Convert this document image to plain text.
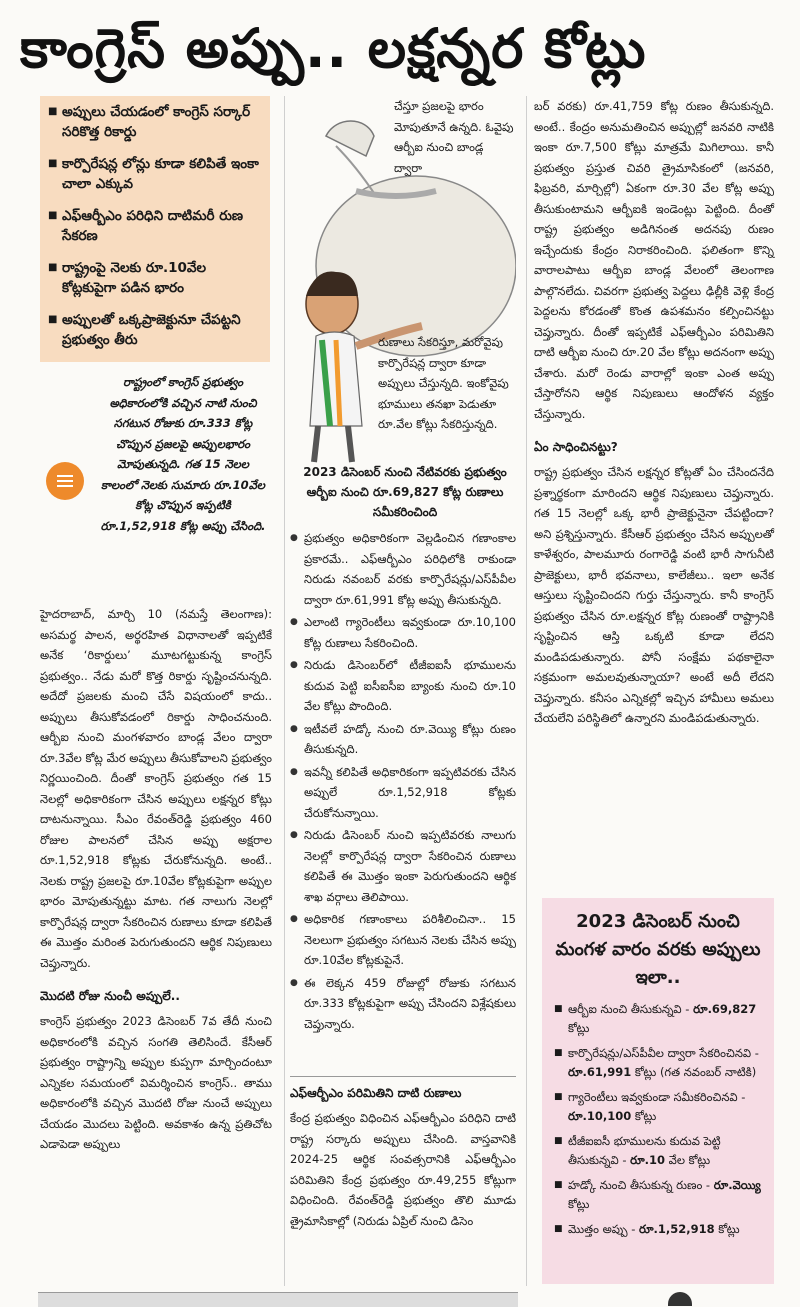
కాంగ్రెస్ అప్పు.. లక్షన్నర కోట్లు
■ అప్పులు చేయడంలో కాంగ్రెస్ సర్కార్ సరికొత్త రికార్డు
■ కార్పొరేషన్ల లోన్లు కూడా కలిపితే ఇంకా చాలా ఎక్కువ
■ ఎఫ్ఆర్బీఎం పరిధిని దాటిమరీ రుణ సేకరణ
■ రాష్ట్రంపై నెలకు రూ.10వేల కోట్లకుపైగా పడిన భారం
■ అప్పులతో ఒక్కప్రాజెక్టునూ చేపట్టని ప్రభుత్వం తీరు
రాష్ట్రంలో కాంగ్రెస్ ప్రభుత్వం అధికారంలోకి వచ్చిన నాటి నుంచి సగటున రోజుకు రూ.333 కోట్ల చొప్పున ప్రజలపై అప్పులభారం మోపుతున్నది. గత 15 నెలల కాలంలో నెలకు సుమారు రూ.10వేల కోట్ల చొప్పున ఇప్పటికి రూ.1,52,918 కోట్ల అప్పు చేసింది.

హైదరాబాద్, మార్చి 10 (నమస్తే తెలంగాణ): అసమర్థ పాలన, అర్థరహిత విధానాలతో ఇప్పటికే అనేక ‘రికార్డులు’ మూటగట్టుకున్న కాంగ్రెస్ ప్రభుత్వం.. నేడు మరో కొత్త రికార్డు సృష్టించనున్నది. అదేదో ప్రజలకు మంచి చేసే విషయంలో కాదు.. అప్పులు తీసుకోవడంలో రికార్డు సాధించనుంది. ఆర్బీఐ నుంచి మంగళవారం బాండ్ల వేలం ద్వారా రూ.3వేల కోట్ల మేర అప్పులు తీసుకోవాలని ప్రభుత్వం నిర్ణయించింది. దీంతో కాంగ్రెస్ ప్రభుత్వం గత 15 నెలల్లో అధికారికంగా చేసిన అప్పులు లక్షన్నర కోట్లు దాటనున్నాయి. సీఎం రేవంత్‌రెడ్డి ప్రభుత్వం 460 రోజుల పాలనలో చేసిన అప్పు అక్షరాల రూ.1,52,918 కోట్లకు చేరుకోనున్నది. అంటే.. నెలకు రాష్ట్ర ప్రజలపై రూ.10వేల కోట్లకుపైగా అప్పుల భారం మోపుతున్నట్టు మాట. గత నాలుగు నెలల్లో కార్పొరేషన్ల ద్వారా సేకరించిన రుణాలు కూడా కలిపితే ఈ మొత్తం మరింత పెరుగుతుందని ఆర్థిక నిపుణులు చెప్తున్నారు.

మొదటి రోజు నుంచీ అప్పులే..

కాంగ్రెస్ ప్రభుత్వం 2023 డిసెంబర్ 7వ తేదీ నుంచి అధికారంలోకి వచ్చిన సంగతి తెలిసిందే. కేసీఆర్ ప్రభుత్వం రాష్ట్రాన్ని అప్పుల కుప్పగా మార్చిందంటూ ఎన్నికల సమయంలో విమర్శించిన కాంగ్రెస్.. తాము అధికారంలోకి వచ్చిన మొదటి రోజు నుంచే అప్పులు చేయడం మొదలు పెట్టింది. అవకాశం ఉన్న ప్రతిచోట ఎడాపెడా అప్పులు

చేస్తూ ప్రజలపై భారం మోపుతూనే ఉన్నది. ఓవైపు ఆర్బీఐ నుంచి బాండ్ల ద్వారా
రుణాలు సేకరిస్తూ, మరోవైపు కార్పొరేషన్ల ద్వారా కూడా అప్పులు చేస్తున్నది. ఇంకోవైపు భూములు తనఖా పెడుతూ రూ.వేల కోట్లు సేకరిస్తున్నది.
2023 డిసెంబర్ నుంచి నేటివరకు ప్రభుత్వం ఆర్బీఐ నుంచి రూ.69,827 కోట్ల రుణాలు సమీకరించింది
● ప్రభుత్వం అధికారికంగా వెల్లడించిన గణాంకాల ప్రకారమే.. ఎఫ్ఆర్బీఎం పరిధిలోకి రాకుండా నిరుడు నవంబర్ వరకు కార్పొరేషన్లు/ఎస్‌పీవీల ద్వారా రూ.61,991 కోట్ల అప్పు తీసుకున్నది.
● ఎలాంటి గ్యారెంటీలు ఇవ్వకుండా రూ.10,100 కోట్ల రుణాలు సేకరించింది.
● నిరుడు డిసెంబర్‌లో టీజీఐఐసీ భూములను కుదువ పెట్టి ఐసీఐసీఐ బ్యాంకు నుంచి రూ.10 వేల కోట్లు పొందింది.
● ఇటీవలే హడ్కో నుంచి రూ.వెయ్యి కోట్లు రుణం తీసుకున్నది.
● ఇవన్నీ కలిపితే అధికారికంగా ఇప్పటివరకు చేసిన అప్పులే రూ.1,52,918 కోట్లకు చేరుకోనున్నాయి.
● నిరుడు డిసెంబర్ నుంచి ఇప్పటివరకు నాలుగు నెలల్లో కార్పొరేషన్ల ద్వారా సేకరించిన రుణాలు కలిపితే ఈ మొత్తం ఇంకా పెరుగుతుందని ఆర్థిక శాఖ వర్గాలు తెలిపాయి.
● అధికారిక గణాంకాలు పరిశీలించినా.. 15 నెలలుగా ప్రభుత్వం సగటున నెలకు చేసిన అప్పు రూ.10వేల కోట్లకుపైనే.
● ఈ లెక్కన 459 రోజుల్లో రోజుకు సగటున రూ.333 కోట్లకుపైగా అప్పు చేసిందని విశ్లేషకులు చెప్తున్నారు.
ఎఫ్ఆర్బీఎం పరిమితిని దాటి రుణాలు

కేంద్ర ప్రభుత్వం విధించిన ఎఫ్ఆర్బీఎం పరిధిని దాటి రాష్ట్ర సర్కారు అప్పులు చేసింది. వాస్తవానికి 2024-25 ఆర్థిక సంవత్సరానికి ఎఫ్ఆర్బీఎం పరిమితిని కేంద్ర ప్రభుత్వం రూ.49,255 కోట్లుగా విధించింది. రేవంత్‌రెడ్డి ప్రభుత్వం తొలి మూడు త్రైమాసికాల్లో (నిరుడు ఏప్రిల్ నుంచి డిసెం

బర్ వరకు) రూ.41,759 కోట్ల రుణం తీసుకున్నది. అంటే.. కేంద్రం అనుమతించిన అప్పుల్లో జనవరి నాటికి ఇంకా రూ.7,500 కోట్లు మాత్రమే మిగిలాయి. కానీ ప్రభుత్వం ప్రస్తుత చివరి త్రైమాసికంలో (జనవరి, ఫిబ్రవరి, మార్చిల్లో) ఏకంగా రూ.30 వేల కోట్ల అప్పు తీసుకుంటామని ఆర్బీఐకి ఇండెంట్లు పెట్టింది. దీంతో రాష్ట్ర ప్రభుత్వం అడిగినంత అదనపు రుణం ఇచ్చేందుకు కేంద్రం నిరాకరించింది. ఫలితంగా కొన్ని వారాలపాటు ఆర్బీఐ బాండ్ల వేలంలో తెలంగాణ పాల్గొనలేదు. చివరగా ప్రభుత్వ పెద్దలు ఢిల్లీకి వెళ్లి కేంద్ర పెద్దలను కోరడంతో కొంత ఉపశమనం కల్పించినట్టు చెప్తున్నారు. దీంతో ఇప్పటికే ఎఫ్ఆర్బీఎం పరిమితిని దాటి ఆర్బీఐ నుంచి రూ.20 వేల కోట్లు అదనంగా అప్పు చేశారు. మరో రెండు వారాల్లో ఇంకా ఎంత అప్పు చేస్తారోనని ఆర్థిక నిపుణులు ఆందోళన వ్యక్తం చేస్తున్నారు.

ఏం సాధించినట్టు?

రాష్ట్ర ప్రభుత్వం చేసిన లక్షన్నర కోట్లతో ఏం చేసిందనేది ప్రశ్నార్థకంగా మారిందని ఆర్థిక నిపుణులు చెప్తున్నారు. గత 15 నెలల్లో ఒక్క భారీ ప్రాజెక్టునైనా చేపట్టిందా? అని ప్రశ్నిస్తున్నారు. కేసీఆర్ ప్రభుత్వం చేసిన అప్పులతో కాళేశ్వరం, పాలమూరు రంగారెడ్డి వంటి భారీ సాగునీటి ప్రాజెక్టులు, భారీ భవనాలు, కాలేజీలు.. ఇలా అనేక ఆస్తులు సృష్టించిందని గుర్తు చేస్తున్నారు. కానీ కాంగ్రెస్ ప్రభుత్వం చేసిన రూ.లక్షన్నర కోట్ల రుణంతో రాష్ట్రానికి సృష్టించిన ఆస్తి ఒక్కటి కూడా లేదని మండిపడుతున్నారు. పోనీ సంక్షేమ పథకాలైనా సక్రమంగా అమలవుతున్నాయా? అంటే అదీ లేదని చెప్తున్నారు. కనీసం ఎన్నికల్లో ఇచ్చిన హామీలు అమలు చేయలేని పరిస్థితిలో ఉన్నారని మండిపడుతున్నారు.

2023 డిసెంబర్ నుంచి మంగళ వారం వరకు అప్పులు ఇలా..
■ ఆర్బీఐ నుంచి తీసుకున్నవి - రూ.69,827 కోట్లు
■ కార్పొరేషన్లు/ఎస్‌పీవీల ద్వారా సేకరించినవి - రూ.61,991 కోట్లు (గత నవంబర్ నాటికి)
■ గ్యారెంటీలు ఇవ్వకుండా సమీకరించినవి - రూ.10,100 కోట్లు
■ టీజీఐఐసీ భూములను కుదువ పెట్టి తీసుకున్నవి - రూ.10 వేల కోట్లు
■ హడ్కో నుంచి తీసుకున్న రుణం - రూ.వెయ్యి కోట్లు
■ మొత్తం అప్పు - రూ.1,52,918 కోట్లు
